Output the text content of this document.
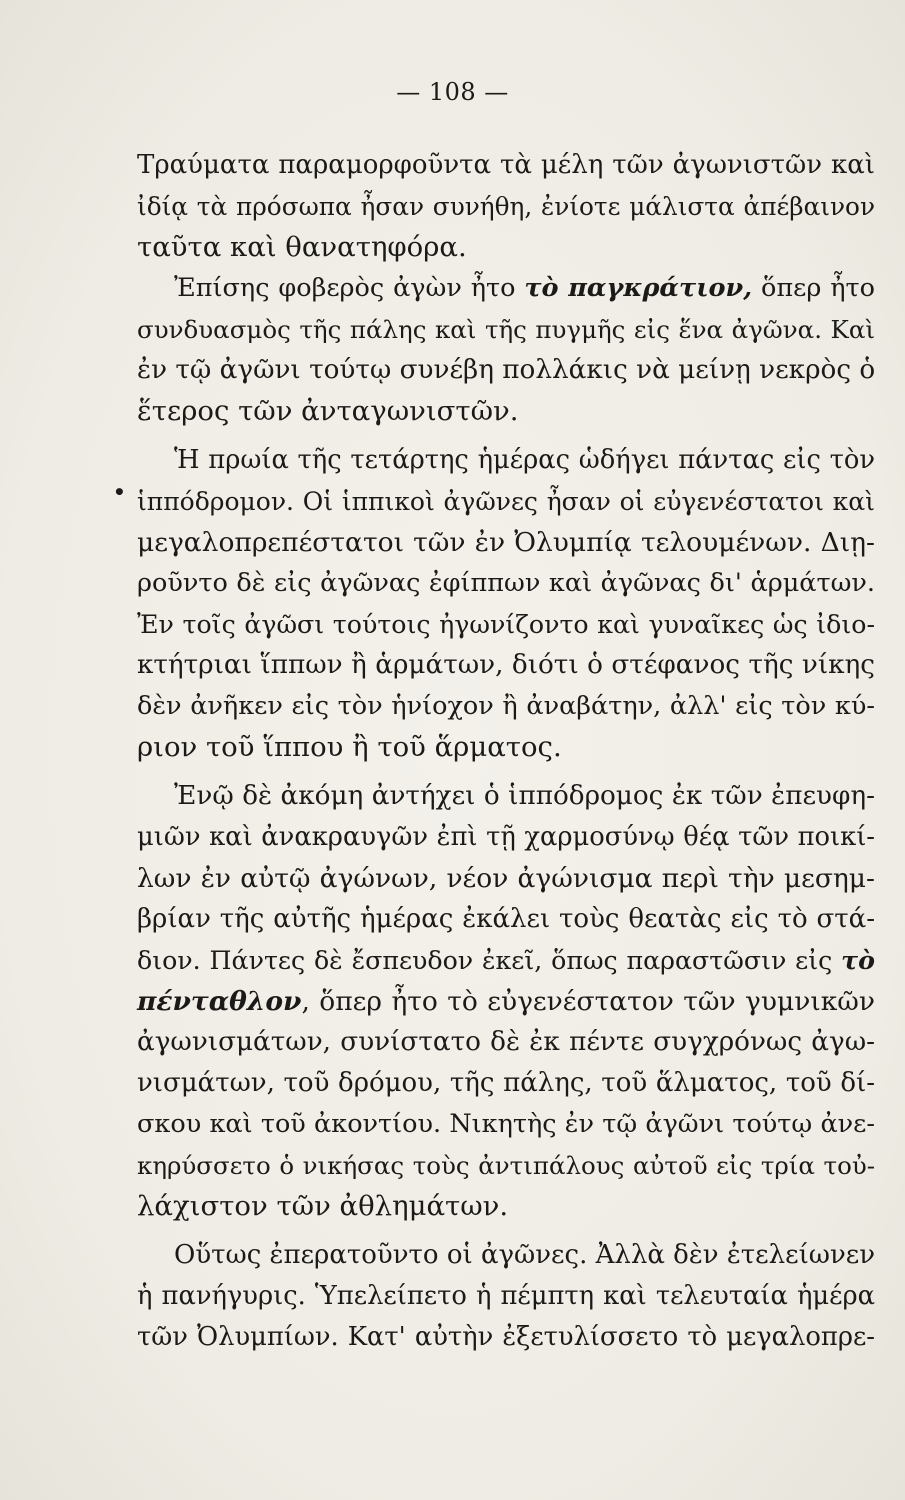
— 108 —
•
Τραύματα παραμορφοῦντα τὰ μέλη τῶν ἀγωνιστῶν καὶ
ἰδίᾳ τὰ πρόσωπα ἦσαν συνήθη, ἐνίοτε μάλιστα ἀπέβαινον
ταῦτα καὶ θανατηφόρα.
Ἐπίσης φοβερὸς ἀγὼν ἦτο τὸ παγκράτιον, ὅπερ ἦτο
συνδυασμὸς τῆς πάλης καὶ τῆς πυγμῆς εἰς ἕνα ἀγῶνα. Καὶ
ἐν τῷ ἀγῶνι τούτῳ συνέβη πολλάκις νὰ μείνῃ νεκρὸς ὁ
ἕτερος τῶν ἀνταγωνιστῶν.
Ἡ πρωία τῆς τετάρτης ἡμέρας ὡδήγει πάντας εἰς τὸν
ἱππόδρομον. Οἱ ἱππικοὶ ἀγῶνες ἦσαν οἱ εὐγενέστατοι καὶ
μεγαλοπρεπέστατοι τῶν ἐν Ὀλυμπίᾳ τελουμένων. Διῃ-
ροῦντο δὲ εἰς ἀγῶνας ἐφίππων καὶ ἀγῶνας δι' ἁρμάτων.
Ἐν τοῖς ἀγῶσι τούτοις ἠγωνίζοντο καὶ γυναῖκες ὡς ἰδιο-
κτήτριαι ἵππων ἢ ἁρμάτων, διότι ὁ στέφανος τῆς νίκης
δὲν ἀνῆκεν εἰς τὸν ἡνίοχον ἢ ἀναβάτην, ἀλλ' εἰς τὸν κύ-
ριον τοῦ ἵππου ἢ τοῦ ἅρματος.
Ἐνῷ δὲ ἀκόμη ἀντήχει ὁ ἱππόδρομος ἐκ τῶν ἐπευφη-
μιῶν καὶ ἀνακραυγῶν ἐπὶ τῇ χαρμοσύνῳ θέᾳ τῶν ποικί-
λων ἐν αὐτῷ ἀγώνων, νέον ἀγώνισμα περὶ τὴν μεσημ-
βρίαν τῆς αὐτῆς ἡμέρας ἐκάλει τοὺς θεατὰς εἰς τὸ στά-
διον. Πάντες δὲ ἔσπευδον ἐκεῖ, ὅπως παραστῶσιν εἰς τὸ
πένταθλον, ὅπερ ἦτο τὸ εὐγενέστατον τῶν γυμνικῶν
ἀγωνισμάτων, συνίστατο δὲ ἐκ πέντε συγχρόνως ἀγω-
νισμάτων, τοῦ δρόμου, τῆς πάλης, τοῦ ἅλματος, τοῦ δί-
σκου καὶ τοῦ ἀκοντίου. Νικητὴς ἐν τῷ ἀγῶνι τούτῳ ἀνε-
κηρύσσετο ὁ νικήσας τοὺς ἀντιπάλους αὐτοῦ εἰς τρία τοὐ-
λάχιστον τῶν ἀθλημάτων.
Οὕτως ἐπερατοῦντο οἱ ἀγῶνες. Ἀλλὰ δὲν ἐτελείωνεν
ἡ πανήγυρις. Ὑπελείπετο ἡ πέμπτη καὶ τελευταία ἡμέρα
τῶν Ὀλυμπίων. Κατ' αὐτὴν ἐξετυλίσσετο τὸ μεγαλοπρε-
